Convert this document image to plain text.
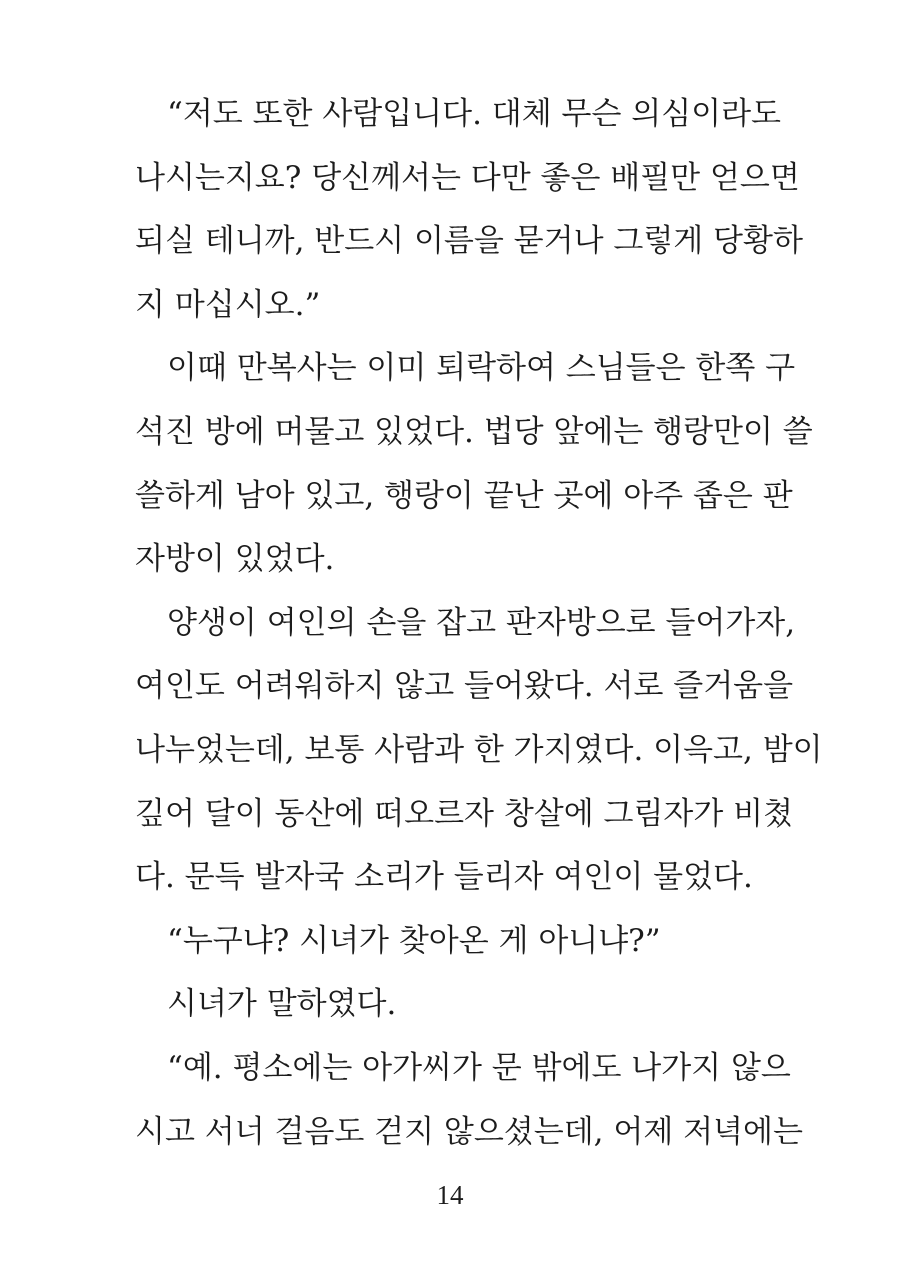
“저도 또한 사람입니다. 대체 무슨 의심이라도
나시는지요? 당신께서는 다만 좋은 배필만 얻으면
되실 테니까, 반드시 이름을 묻거나 그렇게 당황하
지 마십시오.”
이때 만복사는 이미 퇴락하여 스님들은 한쪽 구
석진 방에 머물고 있었다. 법당 앞에는 행랑만이 쓸
쓸하게 남아 있고, 행랑이 끝난 곳에 아주 좁은 판
자방이 있었다.
양생이 여인의 손을 잡고 판자방으로 들어가자,
여인도 어려워하지 않고 들어왔다. 서로 즐거움을
나누었는데, 보통 사람과 한 가지였다. 이윽고, 밤이
깊어 달이 동산에 떠오르자 창살에 그림자가 비쳤
다. 문득 발자국 소리가 들리자 여인이 물었다.
“누구냐? 시녀가 찾아온 게 아니냐?”
시녀가 말하였다.
“예. 평소에는 아가씨가 문 밖에도 나가지 않으
시고 서너 걸음도 걷지 않으셨는데, 어제 저녁에는
14
